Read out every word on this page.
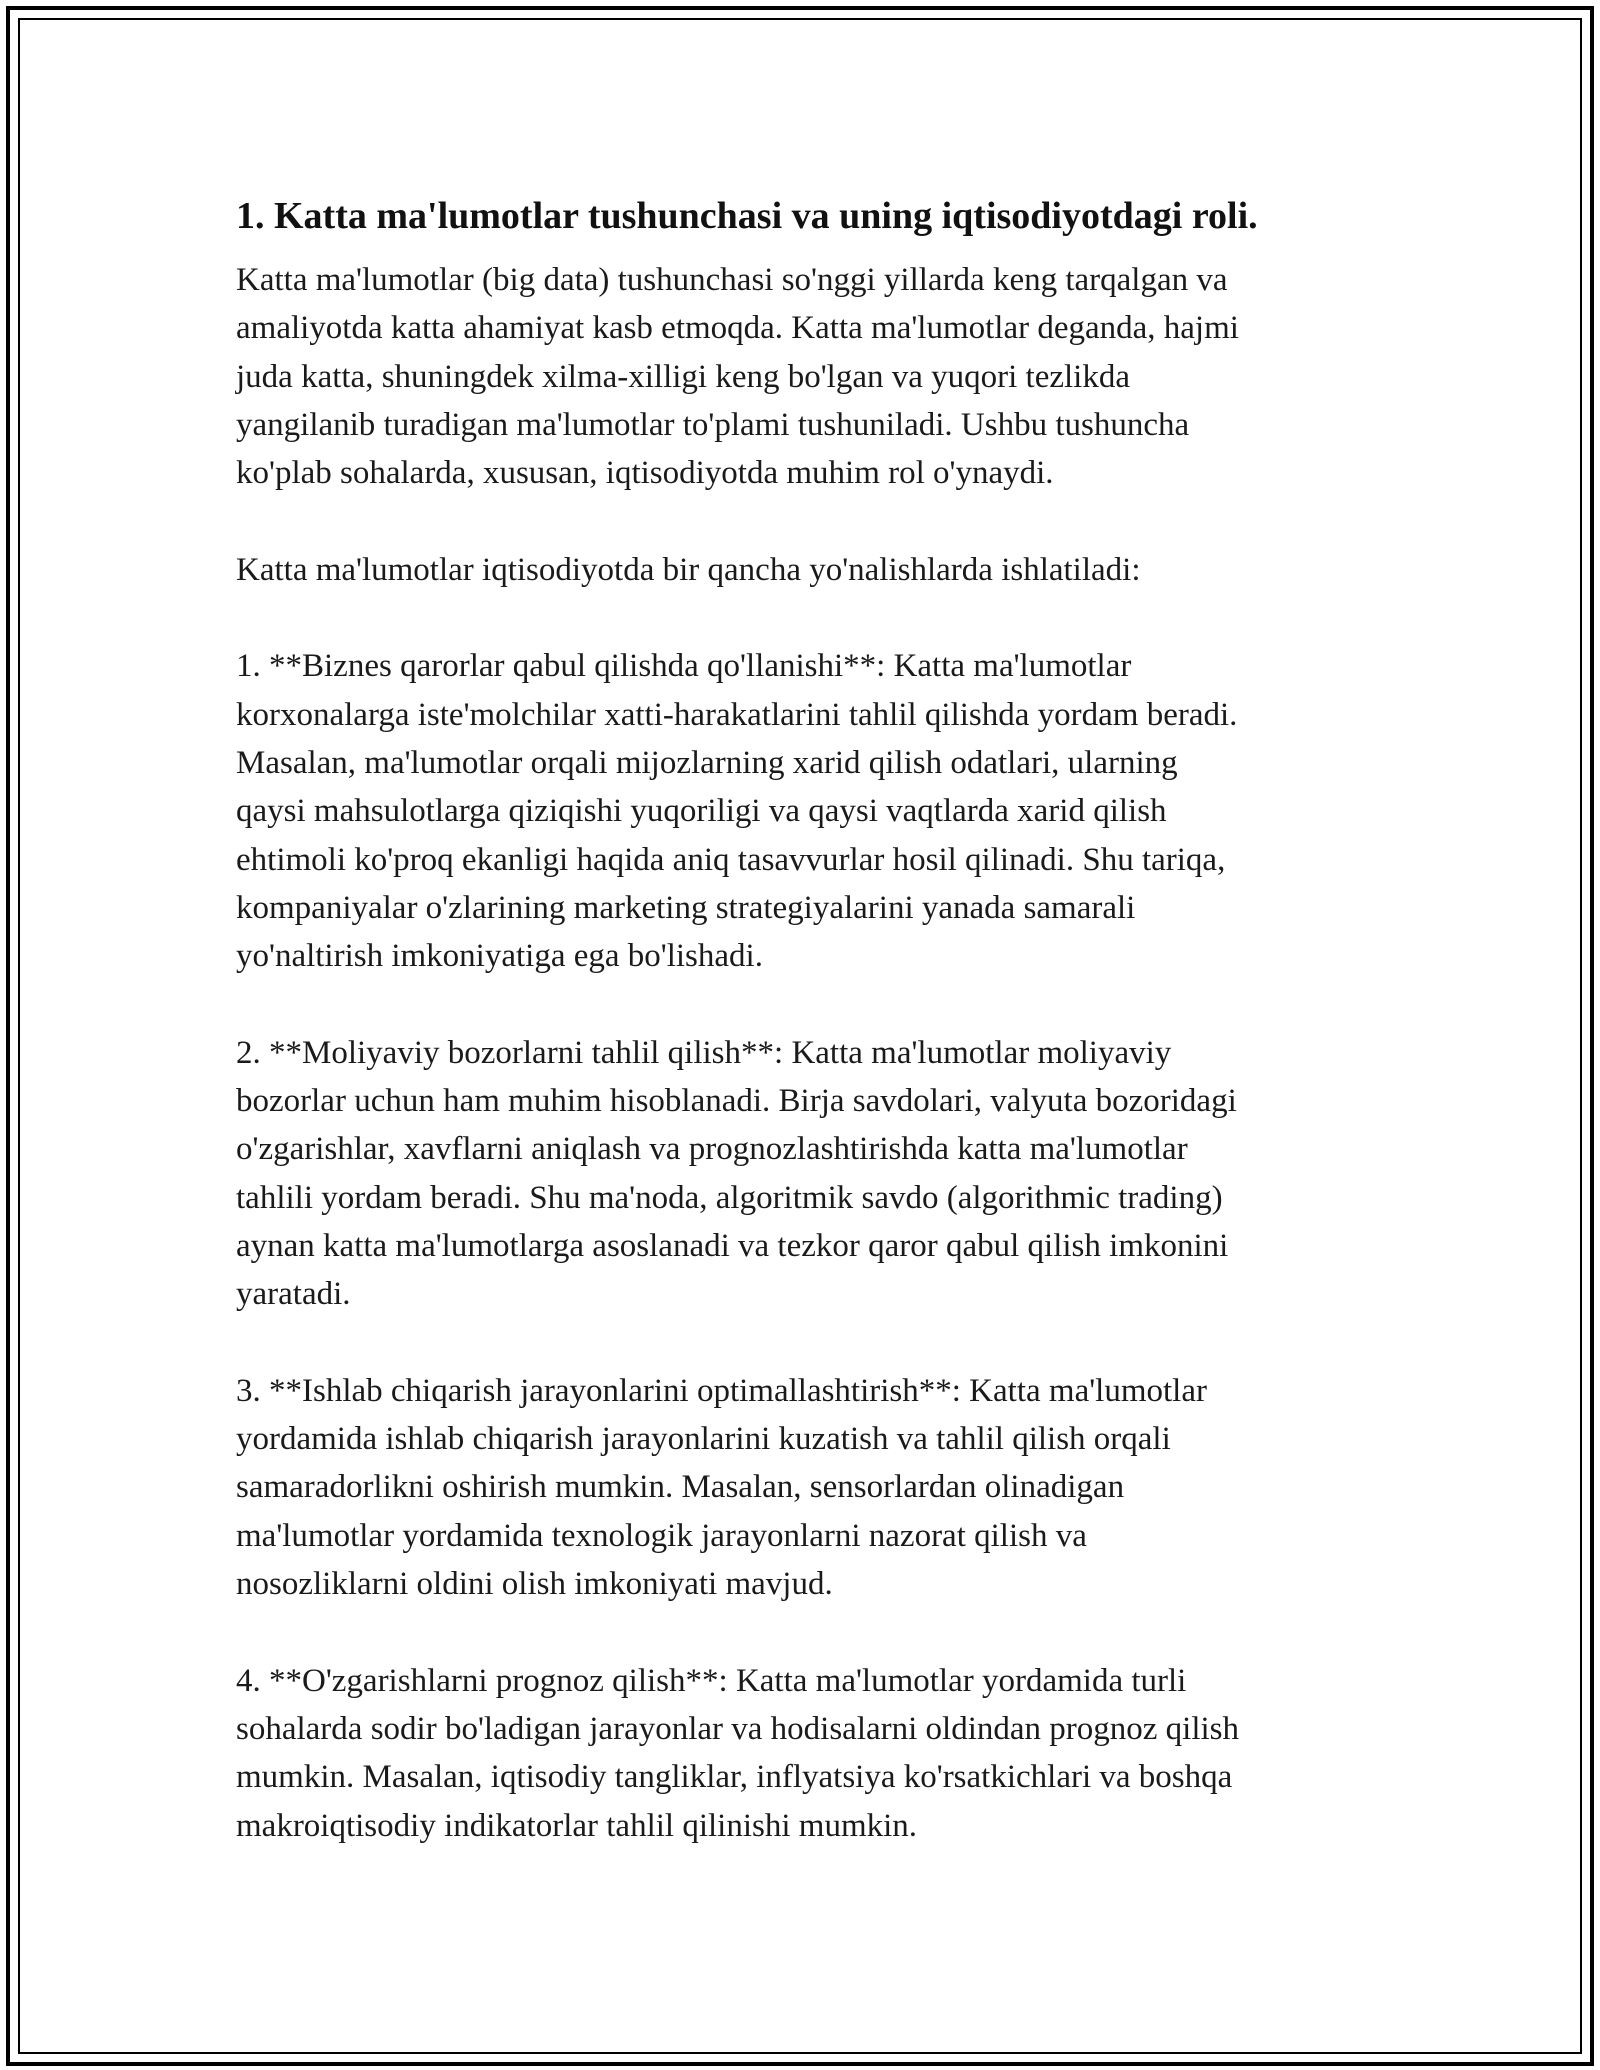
1. Katta ma'lumotlar tushunchasi va uning iqtisodiyotdagi roli.
Katta ma'lumotlar (big data) tushunchasi so'nggi yillarda keng tarqalgan va
amaliyotda katta ahamiyat kasb etmoqda. Katta ma'lumotlar deganda, hajmi
juda katta, shuningdek xilma-xilligi keng bo'lgan va yuqori tezlikda
yangilanib turadigan ma'lumotlar to'plami tushuniladi. Ushbu tushuncha
ko'plab sohalarda, xususan, iqtisodiyotda muhim rol o'ynaydi.
Katta ma'lumotlar iqtisodiyotda bir qancha yo'nalishlarda ishlatiladi:
1. **Biznes qarorlar qabul qilishda qo'llanishi**: Katta ma'lumotlar
korxonalarga iste'molchilar xatti-harakatlarini tahlil qilishda yordam beradi.
Masalan, ma'lumotlar orqali mijozlarning xarid qilish odatlari, ularning
qaysi mahsulotlarga qiziqishi yuqoriligi va qaysi vaqtlarda xarid qilish
ehtimoli ko'proq ekanligi haqida aniq tasavvurlar hosil qilinadi. Shu tariqa,
kompaniyalar o'zlarining marketing strategiyalarini yanada samarali
yo'naltirish imkoniyatiga ega bo'lishadi.
2. **Moliyaviy bozorlarni tahlil qilish**: Katta ma'lumotlar moliyaviy
bozorlar uchun ham muhim hisoblanadi. Birja savdolari, valyuta bozoridagi
o'zgarishlar, xavflarni aniqlash va prognozlashtirishda katta ma'lumotlar
tahlili yordam beradi. Shu ma'noda, algoritmik savdo (algorithmic trading)
aynan katta ma'lumotlarga asoslanadi va tezkor qaror qabul qilish imkonini
yaratadi.
3. **Ishlab chiqarish jarayonlarini optimallashtirish**: Katta ma'lumotlar
yordamida ishlab chiqarish jarayonlarini kuzatish va tahlil qilish orqali
samaradorlikni oshirish mumkin. Masalan, sensorlardan olinadigan
ma'lumotlar yordamida texnologik jarayonlarni nazorat qilish va
nosozliklarni oldini olish imkoniyati mavjud.
4. **O'zgarishlarni prognoz qilish**: Katta ma'lumotlar yordamida turli
sohalarda sodir bo'ladigan jarayonlar va hodisalarni oldindan prognoz qilish
mumkin. Masalan, iqtisodiy tangliklar, inflyatsiya ko'rsatkichlari va boshqa
makroiqtisodiy indikatorlar tahlil qilinishi mumkin.
